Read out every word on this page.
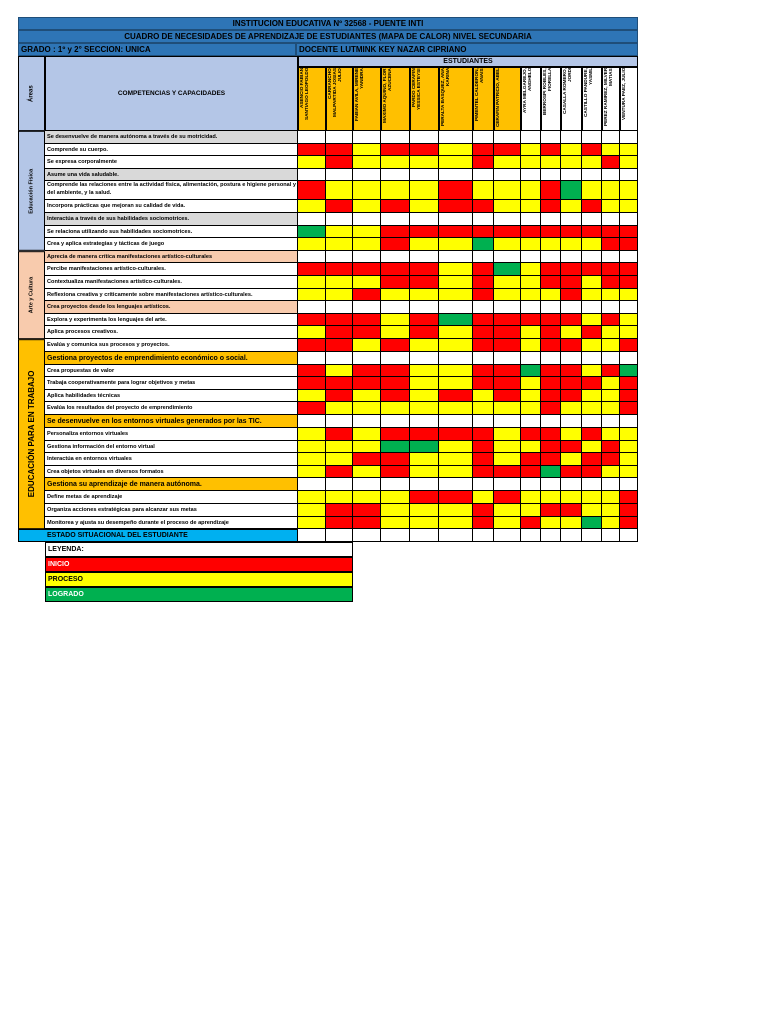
INSTITUCION EDUCATIVA Nº 32568 - PUENTE INTI
CUADRO DE NECESIDADES DE APRENDIZAJE DE ESTUDIANTES (MAPA DE CALOR) NIVEL SECUNDARIA
GRADO : 1º y 2° SECCION: UNICA	DOCENTE LUTMINK KEY NAZAR CIPRIANO
Áreas	COMPETENCIAS Y CAPACIDADES
ESTUDIANTES
ASENCIO FABIAN SANTIAGO LEOPOLDO	CARRANCHO MALPARTIDA JOSIAS JULIO	FABIAN AVILA, MIRENE YANIDRA	MAXIMO AQUINO, FLOR AZUCENA	PARDO CERAFIN YESSICA ESTEYSI	PERALTA BASQUEZ, ANA KARINA	PIMENTEL CALDERON, ANAIS	CERAFIN PATRICIO, ABEL	AYRA MELGAREJO, ANGHELO	BERROSPI ROBLES, FIORELLA	CASALLA ROMERO, JORDI	CASTILLO PANDURE, YASMIL	PEREZ RAMIREZ, MILVER MATIAS	VENTURA PAEZ, JULIO
Educación Física
Arte y Cultura
EDUCACIÓN PARA EN TRABAJO
Se desenvuelve de manera autónoma a través de su motricidad.
Comprende su cuerpo.
Se expresa corporalmente
Asume una vida saludable.
Comprende las relaciones entre la actividad física, alimentación, postura e higiene personal y del ambiente, y la salud.
Incorpora prácticas que mejoran su calidad de vida.
Interactúa a través de sus habilidades sociomotrices.
Se relaciona utilizando sus habilidades sociomotrices.
Crea y aplica estrategias y tácticas de juego
Aprecia de manera crítica manifestaciones artístico-culturales
Percibe manifestaciones artístico-culturales.
Contextualiza manifestaciones artístico-culturales.
Reflexiona creativa y críticamente sobre manifestaciones artístico-culturales.
Crea proyectos desde los lenguajes artísticos.
Explora y experimenta los lenguajes del arte.
Aplica procesos creativos.
Evalúa y comunica sus procesos y proyectos.
Gestiona proyectos de emprendimiento económico o social.
Crea propuestas de valor
Trabaja cooperativamente para lograr objetivos y metas
Aplica habilidades técnicas
Evalúa los resultados del proyecto de emprendimiento
Se desenvuelve en los entornos virtuales generados por las TIC.
Personaliza entornos virtuales
Gestiona información del entorno virtual
Interactúa en entornos virtuales
Crea objetos virtuales en diversos formatos
Gestiona su aprendizaje de manera autónoma.
Define metas de aprendizaje
Organiza acciones estratégicas para alcanzar sus metas
Monitorea y ajusta su desempeño durante el proceso de aprendizaje
ESTADO SITUACIONAL DEL ESTUDIANTE
LEYENDA:
INICIO
PROCESO
LOGRADO
